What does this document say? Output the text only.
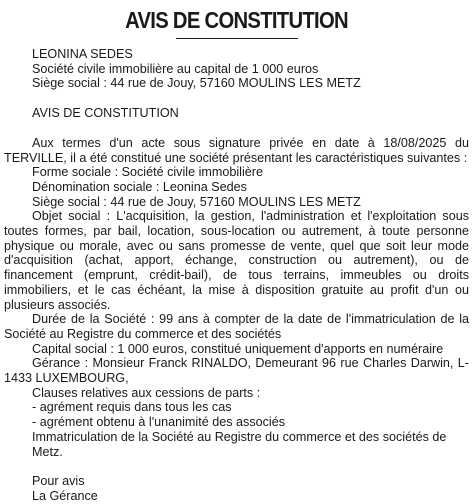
AVIS DE CONSTITUTION
LEONINA SEDES
Société civile immobilière au capital de 1 000 euros
Siège social : 44 rue de Jouy, 57160 MOULINS LES METZ
AVIS DE CONSTITUTION

Aux termes d'un acte sous signature privée en date à 18/08/2025 du TERVILLE, il a été constitué une société présentant les caractéristiques suivantes :

Forme sociale : Société civile immobilière
Dénomination sociale : Leonina Sedes
Siège social : 44 rue de Jouy, 57160 MOULINS LES METZ

Objet social : L'acquisition, la gestion, l'administration et l'exploitation sous toutes formes, par bail, location, sous-location ou autrement, à toute personne physique ou morale, avec ou sans promesse de vente, quel que soit leur mode d'acquisition (achat, apport, échange, construction ou autrement), ou de financement (emprunt, crédit-bail), de tous terrains, immeubles ou droits immobiliers, et le cas échéant, la mise à disposition gratuite au profit d'un ou plusieurs associés.

Durée de la Société : 99 ans à compter de la date de l'immatriculation de la Société au Registre du commerce et des sociétés

Capital social : 1 000 euros, constitué uniquement d'apports en numéraire

Gérance : Monsieur Franck RINALDO, Demeurant 96 rue Charles Darwin, L-1433 LUXEMBOURG,

Clauses relatives aux cessions de parts :
- agrément requis dans tous les cas
- agrément obtenu à l'unanimité des associés
Immatriculation de la Société au Registre du commerce et des sociétés de Metz.
Pour avis
La Gérance
